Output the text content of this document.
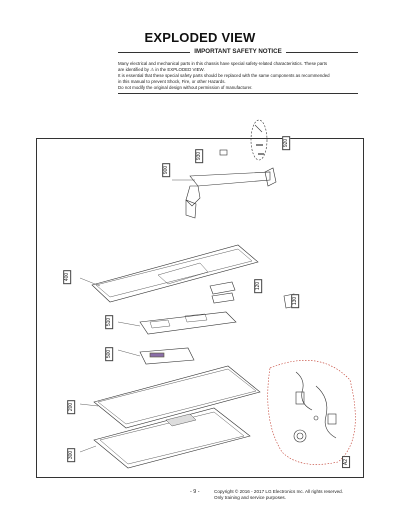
EXPLODED VIEW
IMPORTANT SAFETY NOTICE

Many electrical and mechanical parts in this chassis have special safety-related characteristics. These parts

are identified by ⚠ in the EXPLODED VIEW.

It is essential that these special safety parts should be replaced with the same components as recommended

in this manual to prevent Shock, Fire, or other Hazards.

Do not modify the original design without permission of manufacturer.

930
920
900
400
120
130
510
500
200
300
A2
- 9 -	Copyright © 2016 - 2017 LG Electronics Inc. All rights reserved.
Only training and service purposes.
